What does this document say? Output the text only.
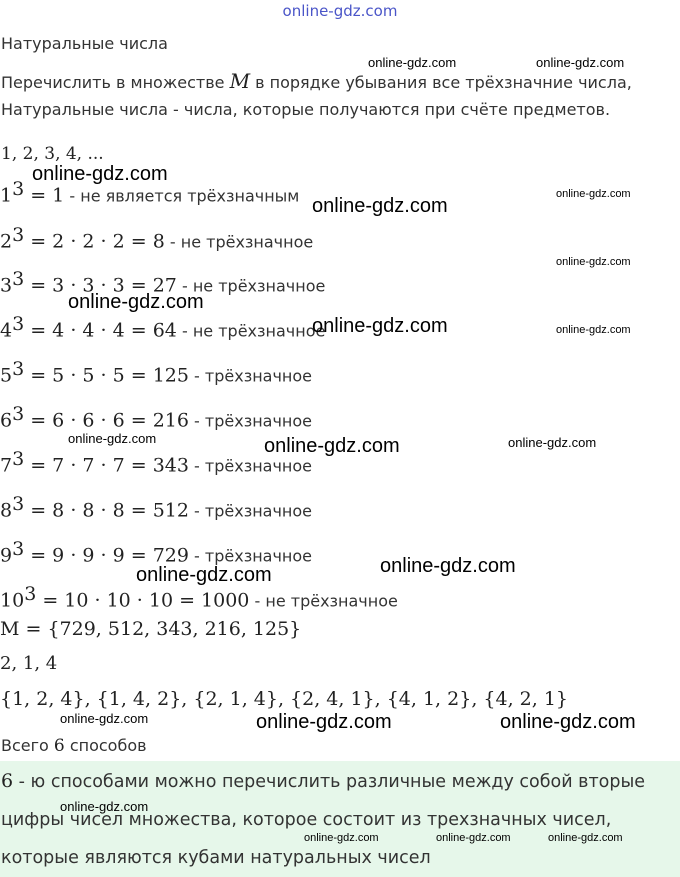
online-gdz.com
Натуральные числа
Перечислить в множестве M в порядке убывания все трёхзначние числа,
Натуральные числа - числа, которые получаются при счёте предметов.
1, 2, 3, 4, ...
$1^3 = 1$ - не является трёхзначным
$2^3 = 2 \cdot 2 \cdot 2 = 8$ - не трёхзначное
$3^3 = 3 \cdot 3 \cdot 3 = 27$ - не трёхзначное
$4^3 = 4 \cdot 4 \cdot 4 = 64$ - не трёхзначное
$5^3 = 5 \cdot 5 \cdot 5 = 125$ - трёхзначное
$6^3 = 6 \cdot 6 \cdot 6 = 216$ - трёхзначное
$7^3 = 7 \cdot 7 \cdot 7 = 343$ - трёхзначное
$8^3 = 8 \cdot 8 \cdot 8 = 512$ - трёхзначное
$9^3 = 9 \cdot 9 \cdot 9 = 729$ - трёхзначное
$10^3 = 10 \cdot 10 \cdot 10 = 1000$ - не трёхзначное
M = {729, 512, 343, 216, 125}
2, 1, 4
{1, 2, 4}, {1, 4, 2}, {2, 1, 4}, {2, 4, 1}, {4, 1, 2}, {4, 2, 1}
Всего 6 способов
6 - ю способами можно перечислить различные между собой вторые
цифры чисел множества, которое состоит из трехзначных чисел,
которые являются кубами натуральных чисел
online-gdz.com	online-gdz.com
online-gdz.com
online-gdz.com
online-gdz.com
online-gdz.com
online-gdz.com
online-gdz.com	online-gdz.com
online-gdz.com	online-gdz.com	online-gdz.com
online-gdz.com
online-gdz.com
online-gdz.com	online-gdz.com	online-gdz.com
online-gdz.com
online-gdz.com	online-gdz.com	online-gdz.com
